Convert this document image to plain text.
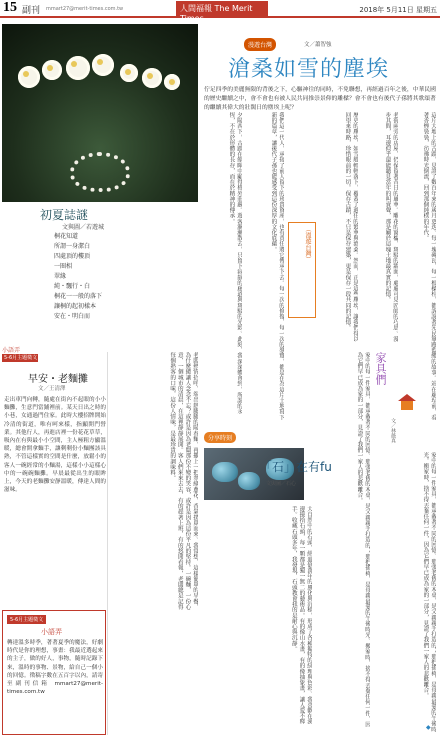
15 副刊 mmart27@merit-times.com.tw	人間福報 The Merit Times
2018年 5月11日 星期五
初夏誌謎
文與圖／若遊城
桐花知道
所謂一身潔白
四處頂的樓頂
一圈相
翠緣
純・飄行・白
桐花一一般的落下
讓桐的起初樣本
安在・明白而
小語弄
5-6月主題徵文
早安・老麵攤
文／王清澤
走出車門向轉，隨處在街內不起眼的小小麵攤，生意門當鋪裡前。某天日出之時的小巷，女通過門住家。此時大樓招牌開始冷清的街道，唯有呵來樣，指顯開門營業。其他行人，再進店裡一份花花草草，吸內在有與最小小空間，主人極粗方顯溫暖，總會開拿麵手，讓剩剩份小麵團該具熟，不管這樣實的空間是什麼，放鬆小的客人一碗經常的小麵湯，這樣小小這樣心中的一碗碗麵攤。早晨最從出生的眼眸上，今天的老麵攤安靜溫暖，傳達人間的滋味。	老闆熱情招呼，端出熱騰騰的陽春麵，再撒上一把翠綠蔥花，香氣撲鼻而來。我常想，這樣簡單的早餐，為什麼總讓人念念不忘？或許是因為老闆那份不變的笑容，或許是因為這份平凡的堅持。一碗麵，一份心意，一個城市的清晨，在這裡靜靜展開。客人們來來去去，有的趕著上班，有的悠閒看報，老闆總是記得每個熟客的口味，這份人情味，是最珍貴的調味料。
5-6月主題徵文
小語弄
轉達溫多時季，著著夏季的魔法，好劇時代是你的理想，事畫：我最近選起來的主子，做的好人，事物，隨時記錄下來，溫時的事物、景物，給自己一個小的回憶。徵稿字數在五百字以內，請寄至副刊信箱 mmart27@merit-times.com.tw
漫遊台灣	文／蕭智強
滄桑如雪的塵埃
佇足四季的美麗無限的背後之下，心驅神往的同時，不免聯想，再經過百年之後，中華民國的歷史繼續之中，會不會也有被人民共同推崇景仰的雕樑？會不會也有後代子孫將其歌頌著的繼續其偉大的壯闊日的塵埃上呢？
這片大地上的古蹟，見證了數百年來的歲月更迭。每一塊磚瓦，每一根樑柱，都訴說著先民篳路藍縷的故事。站在廟埕前，看著香煙裊裊，彷彿時光倒流，回到那個純樸的年代。
老街兩旁的店屋，仍保留著昔日的風華。雕花的窗櫺，斑駁的牆面，處處可見匠師的巧思。漫步其間，耳邊似乎還能聽見當年的叫賣聲，那是屬於這塊土地最真實的記憶。
歷史的塵埃，如雪般輕輕落下，覆蓋了過往的繁華與滄桑。然而，正是這些塵埃，讓我們得以回望來時路，珍惜眼前的一切。保存古蹟，不只是保存建築，更是保存一段共同的記憶。
（漫遊台灣）
我們這一代人，承接了前人留下的珍貴資產，也有責任將它傳承下去。每一次的修復，每一次的導覽，都是在為這片土地寫下新的篇章，讓後代子孫也能感受到這份深厚的文化底蘊。
夕陽西下，古蹟在餘暉中顯得格外莊嚴。遊客漸漸散去，只留下寂靜的廊道與斑駁的光影。此刻，我深深體會到，所謂的永恆，不在於形體的長存，而在於精神的傳承。
分享時刻
「石」在有fu
文與圖／石心
大自然中的石頭，經過億萬年的風化與沉積，形成了各種獨特的紋理與色彩。我喜歡在溪邊撿拾石頭，每一顆都是獨一無二的藝術品。有的像山水畫，有的像抽象畫，讓人愛不釋手。收藏石頭多年，我發現，石頭教會我的是耐心與沉靜。
家具們
文／林薇真
家中的每一件家具，都承載著不同的回憶。那張老舊的木桌，是父親親手打造的；那把搖椅，是母親最愛的午後時光。搬家時，捨不得丟棄任何一件，因為它們早已成為家的一部分，見證了我們一家人的悲歡離合。
家中的每一件家具，都承載著不同的回憶。那張老舊的木桌，是父親親手打造的；那把搖椅，是母親最愛的午後時光。搬家時，捨不得丟棄任何一件，因為它們早已成為家的一部分，見證了我們一家人的悲歡離合。
◆
